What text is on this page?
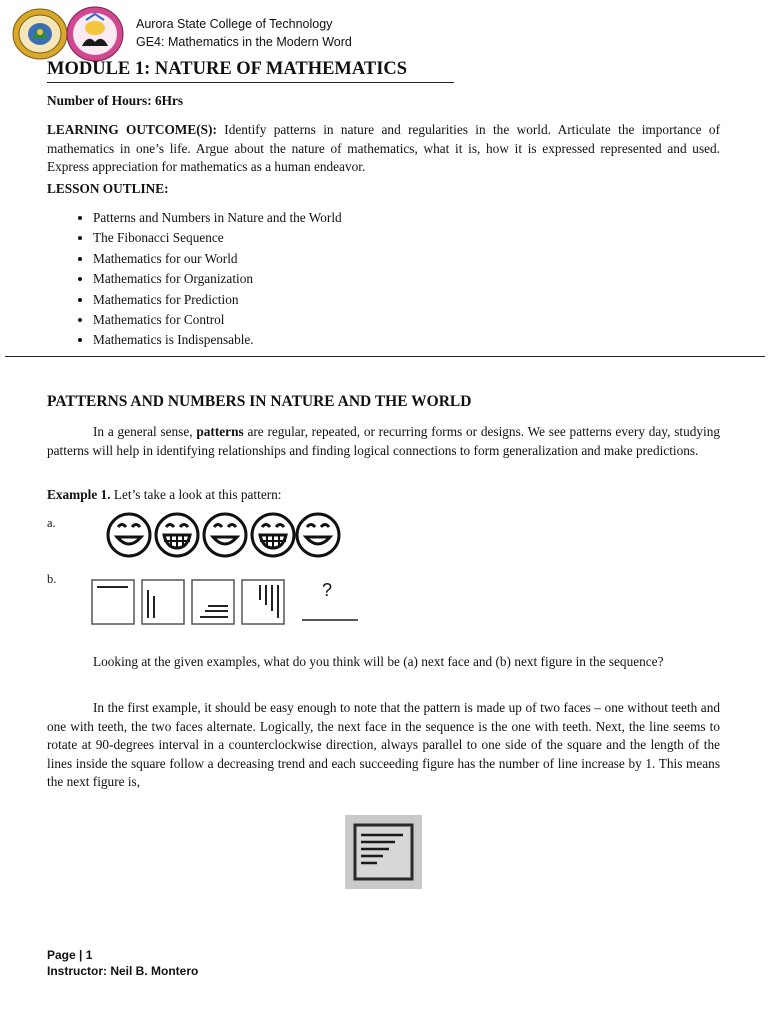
Aurora State College of Technology
GE4: Mathematics in the Modern Word
MODULE 1: NATURE OF MATHEMATICS
Number of Hours: 6Hrs
LEARNING OUTCOME(S): Identify patterns in nature and regularities in the world. Articulate the importance of mathematics in one’s life. Argue about the nature of mathematics, what it is, how it is expressed represented and used. Express appreciation for mathematics as a human endeavor.
LESSON OUTLINE:
• Patterns and Numbers in Nature and the World
• The Fibonacci Sequence
• Mathematics for our World
• Mathematics for Organization
• Mathematics for Prediction
• Mathematics for Control
• Mathematics is Indispensable.
PATTERNS AND NUMBERS IN NATURE AND THE WORLD
In a general sense, patterns are regular, repeated, or recurring forms or designs. We see patterns every day, studying patterns will help in identifying relationships and finding logical connections to form generalization and make predictions.
Example 1. Let’s take a look at this pattern:
a.
b.
?
Looking at the given examples, what do you think will be (a) next face and (b) next figure in the sequence?
In the first example, it should be easy enough to note that the pattern is made up of two faces – one without teeth and one with teeth, the two faces alternate. Logically, the next face in the sequence is the one with teeth. Next, the line seems to rotate at 90-degrees interval in a counterclockwise direction, always parallel to one side of the square and the length of the lines inside the square follow a decreasing trend and each succeeding figure has the number of line increase by 1. This means the next figure is,
Page | 1
Instructor: Neil B. Montero
